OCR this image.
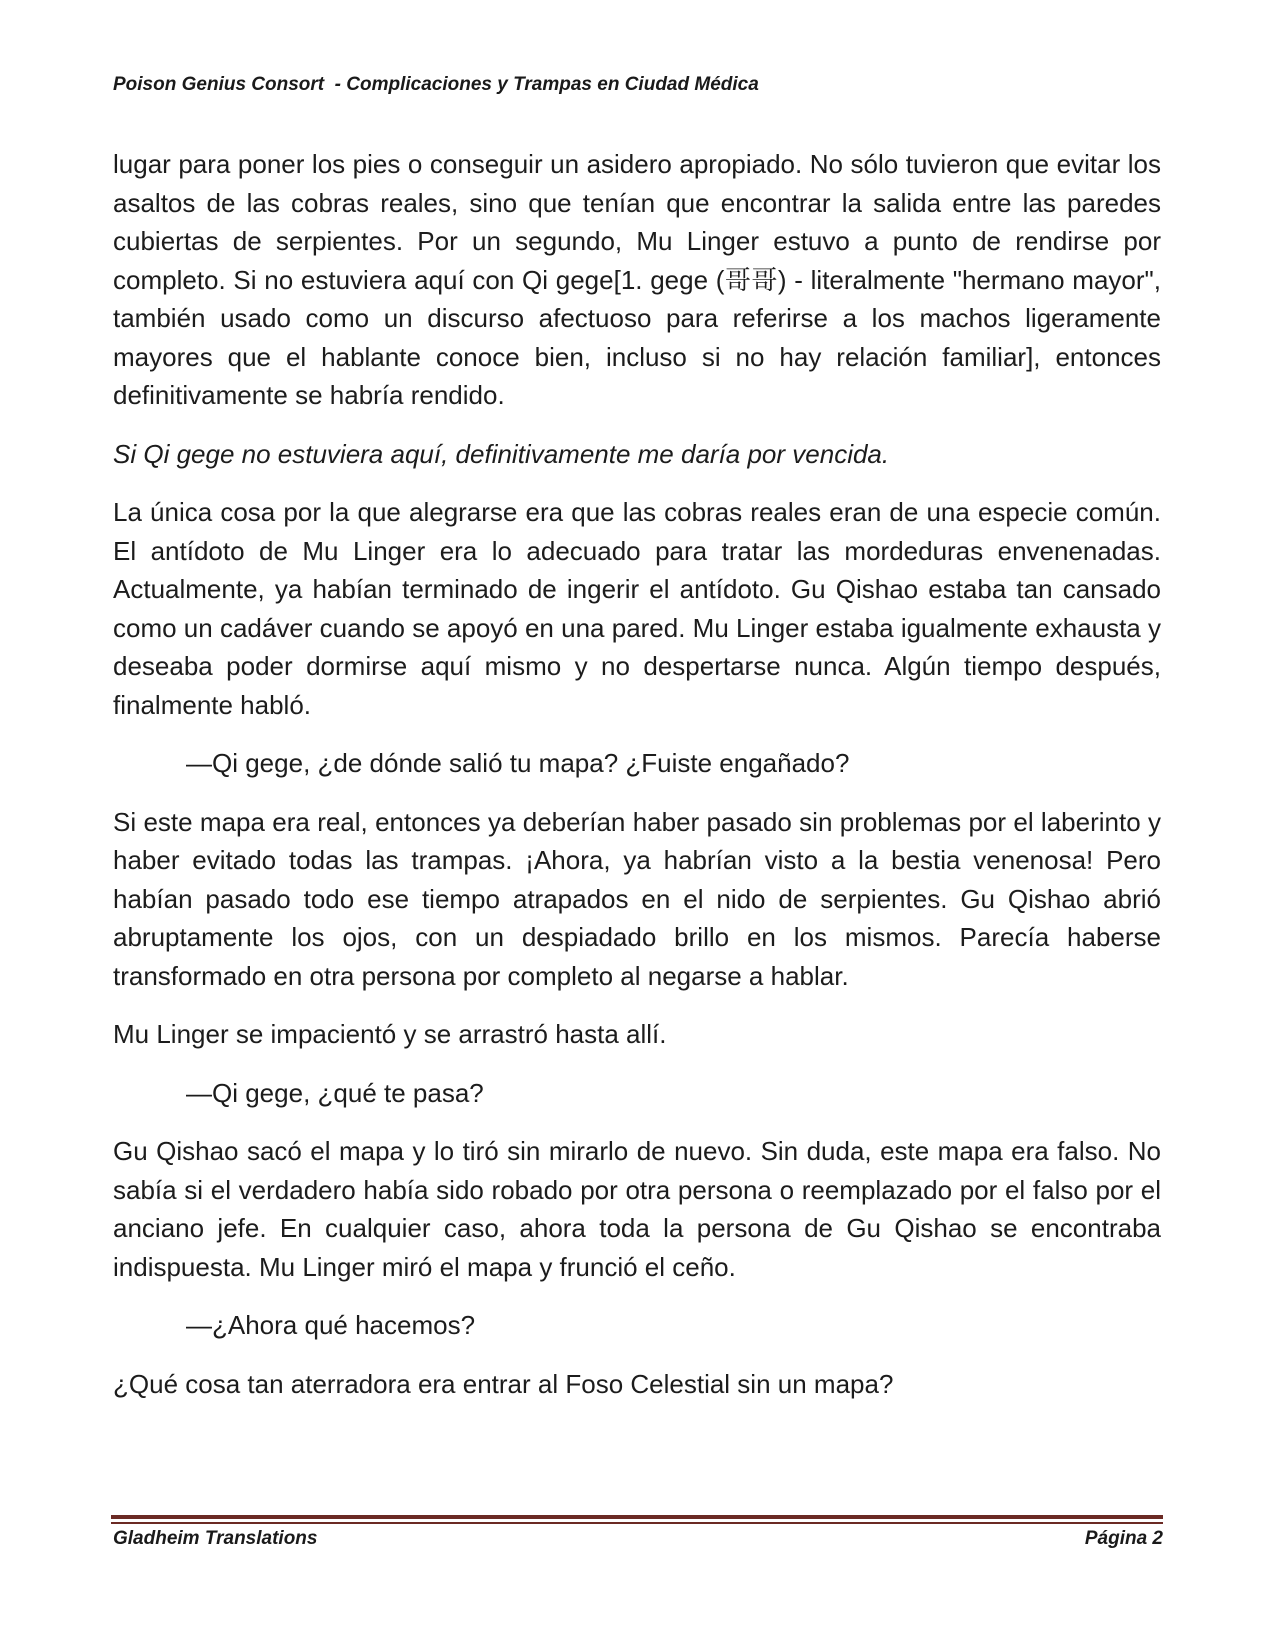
Poison Genius Consort  - Complicaciones y Trampas en Ciudad Médica

lugar para poner los pies o conseguir un asidero apropiado. No sólo tuvieron que evitar los asaltos de las cobras reales, sino que tenían que encontrar la salida entre las paredes cubiertas de serpientes. Por un segundo, Mu Linger estuvo a punto de rendirse por completo. Si no estuviera aquí con Qi gege[1. gege (哥哥) - literalmente "hermano mayor", también usado como un discurso afectuoso para referirse a los machos ligeramente mayores que el hablante conoce bien, incluso si no hay relación familiar], entonces definitivamente se habría rendido.

Si Qi gege no estuviera aquí, definitivamente me daría por vencida.

La única cosa por la que alegrarse era que las cobras reales eran de una especie común. El antídoto de Mu Linger era lo adecuado para tratar las mordeduras envenenadas. Actualmente, ya habían terminado de ingerir el antídoto. Gu Qishao estaba tan cansado como un cadáver cuando se apoyó en una pared. Mu Linger estaba igualmente exhausta y deseaba poder dormirse aquí mismo y no despertarse nunca. Algún tiempo después, finalmente habló.

—Qi gege, ¿de dónde salió tu mapa? ¿Fuiste engañado?

Si este mapa era real, entonces ya deberían haber pasado sin problemas por el laberinto y haber evitado todas las trampas. ¡Ahora, ya habrían visto a la bestia venenosa! Pero habían pasado todo ese tiempo atrapados en el nido de serpientes. Gu Qishao abrió abruptamente los ojos, con un despiadado brillo en los mismos. Parecía haberse transformado en otra persona por completo al negarse a hablar.

Mu Linger se impacientó y se arrastró hasta allí.

—Qi gege, ¿qué te pasa?

Gu Qishao sacó el mapa y lo tiró sin mirarlo de nuevo. Sin duda, este mapa era falso. No sabía si el verdadero había sido robado por otra persona o reemplazado por el falso por el anciano jefe. En cualquier caso, ahora toda la persona de Gu Qishao se encontraba indispuesta. Mu Linger miró el mapa y frunció el ceño.

—¿Ahora qué hacemos?

¿Qué cosa tan aterradora era entrar al Foso Celestial sin un mapa?

Gladheim Translations	Página 2
